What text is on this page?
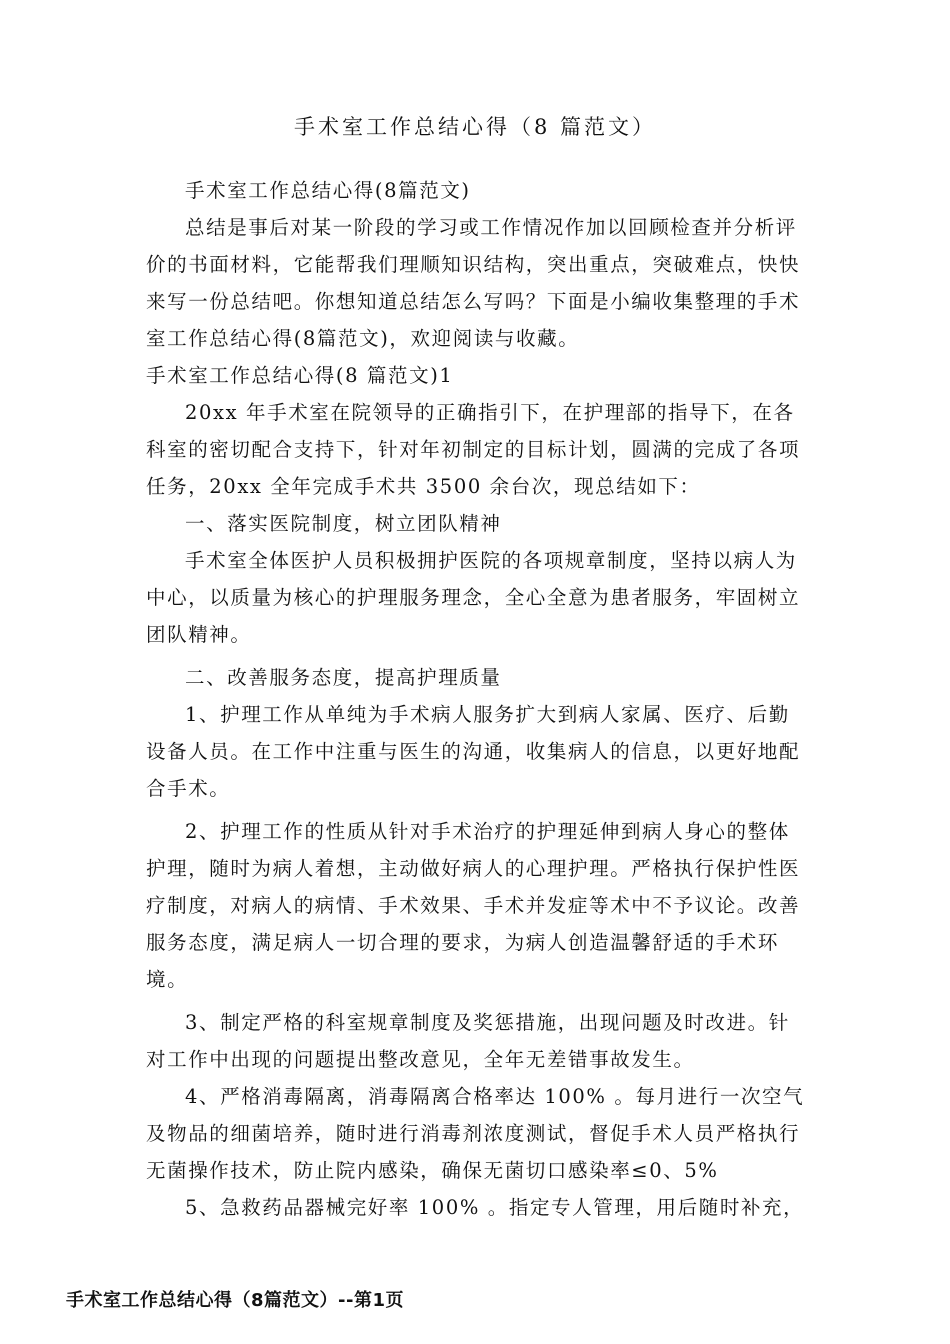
手术室工作总结心得（8 篇范文）

手术室工作总结心得(8篇范文)

总结是事后对某一阶段的学习或工作情况作加以回顾检查并分析评价的书面材料，它能帮我们理顺知识结构，突出重点，突破难点，快快来写一份总结吧。你想知道总结怎么写吗？下面是小编收集整理的手术室工作总结心得(8篇范文)，欢迎阅读与收藏。

手术室工作总结心得(8 篇范文)1

20xx 年手术室在院领导的正确指引下，在护理部的指导下，在各科室的密切配合支持下，针对年初制定的目标计划，圆满的完成了各项任务，20xx 全年完成手术共 3500 余台次，现总结如下：

一、落实医院制度，树立团队精神

手术室全体医护人员积极拥护医院的各项规章制度，坚持以病人为中心，以质量为核心的护理服务理念，全心全意为患者服务，牢固树立团队精神。

二、改善服务态度，提高护理质量

1、护理工作从单纯为手术病人服务扩大到病人家属、医疗、后勤设备人员。在工作中注重与医生的沟通，收集病人的信息，以更好地配合手术。

2、护理工作的性质从针对手术治疗的护理延伸到病人身心的整体护理，随时为病人着想，主动做好病人的心理护理。严格执行保护性医疗制度，对病人的病情、手术效果、手术并发症等术中不予议论。改善服务态度，满足病人一切合理的要求，为病人创造温馨舒适的手术环境。

3、制定严格的科室规章制度及奖惩措施，出现问题及时改进。针对工作中出现的问题提出整改意见，全年无差错事故发生。

4、严格消毒隔离，消毒隔离合格率达 100% 。每月进行一次空气及物品的细菌培养，随时进行消毒剂浓度测试，督促手术人员严格执行无菌操作技术，防止院内感染，确保无菌切口感染率≤0、5%

5、急救药品器械完好率 100% 。指定专人管理，用后随时补充，

手术室工作总结心得（8篇范文）--第1页
